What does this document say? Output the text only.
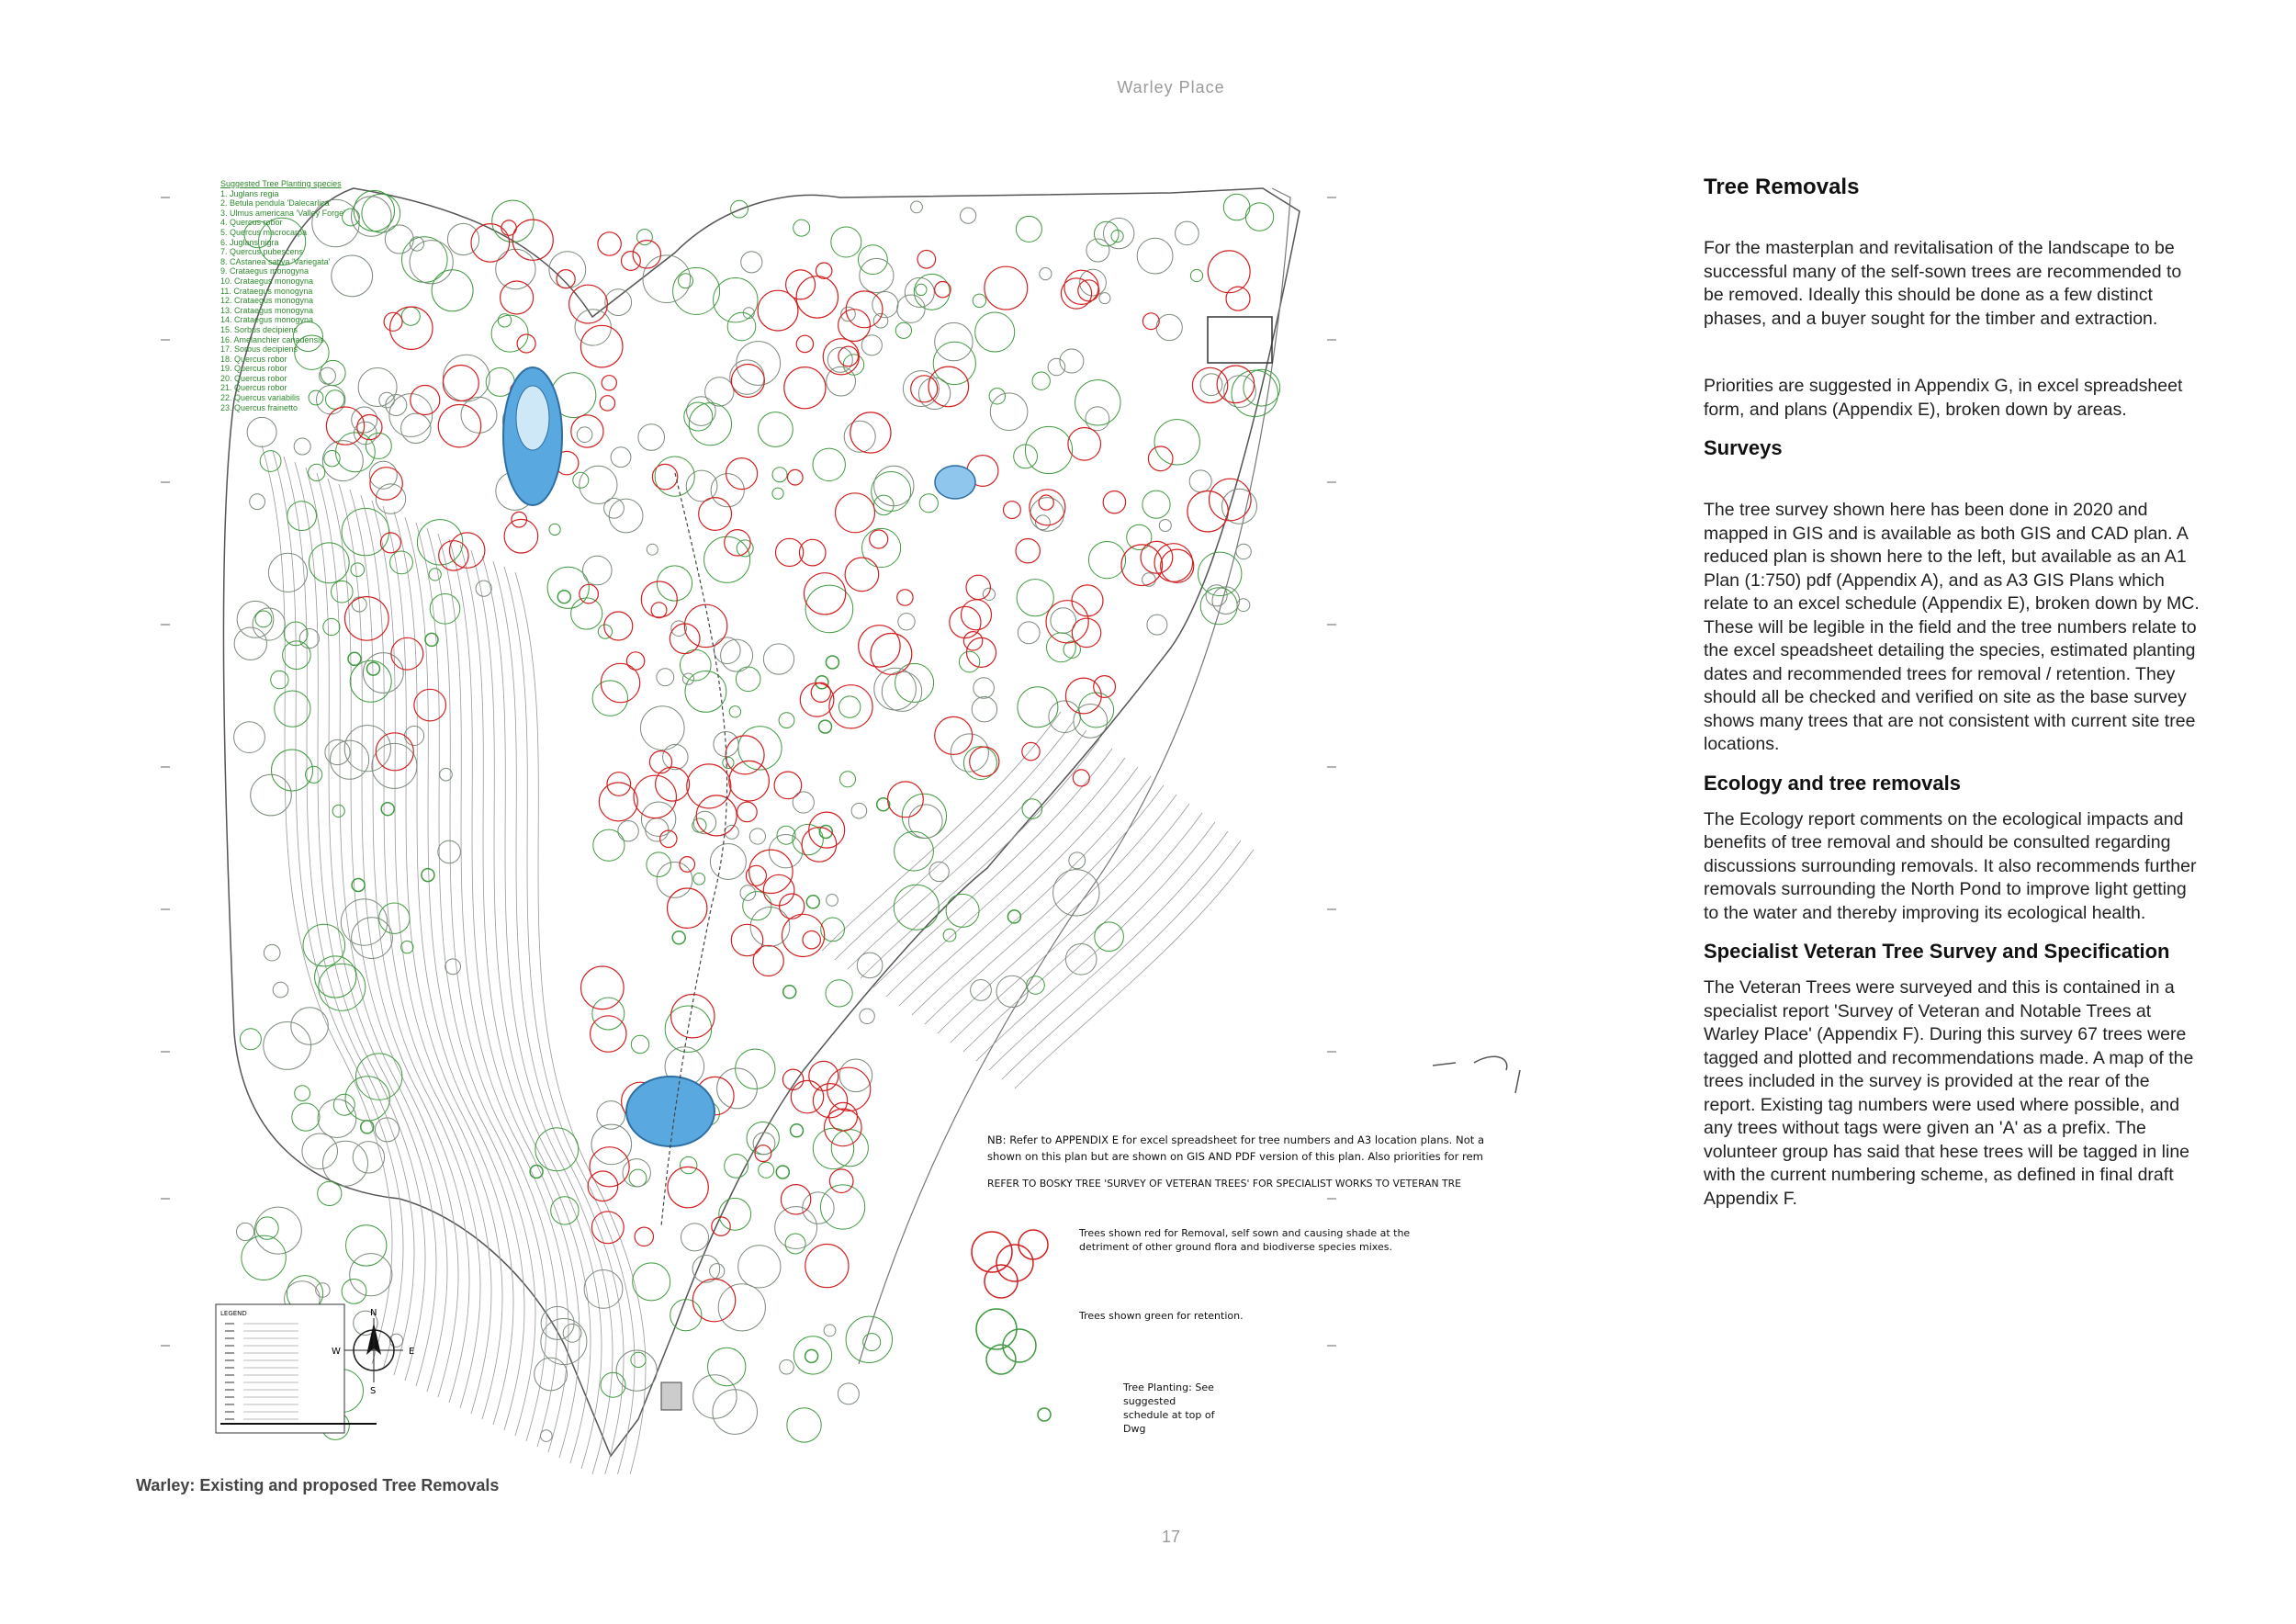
Warley Place
LEGEND	N
S
E
W
Suggested Tree Planting species
1. Juglans regia
2. Betula pendula 'Dalecarlica'
3. Ulmus americana 'Valley Forge'
4. Quercus robor
5. Quercus macrocarpa
6. Juglans nigra
7. Quercus pubescens
8. CAstanea sativa 'Variegata'
9. Crataegus monogyna
10. Crataegus monogyna
11. Crataegus monogyna
12. Crataegus monogyna
13. Crataegus monogyna
14. Crataegus monogyna
15. Sorbus decipiens
16. Amelanchier canadensis
17. Sorbus decipiens
18. Quercus robor
19. Quercus robor
20. Quercus robor
21. Quercus robor
22. Quercus variabilis
23. Quercus frainetto
NB: Refer to APPENDIX E for excel spreadsheet for tree numbers and A3 location plans. Not a
shown on this plan but are shown on GIS AND PDF version of this plan. Also priorities for rem
REFER TO BOSKY TREE 'SURVEY OF VETERAN TREES' FOR SPECIALIST WORKS TO VETERAN TRE
Trees shown red for Removal, self sown and causing shade at the detriment of other ground flora and biodiverse species mixes.
Trees shown green for retention.
Tree Planting: See suggested schedule at top of Dwg
Warley: Existing and proposed Tree Removals
Tree Removals

For the masterplan and revitalisation of the landscape to be successful many of the self-sown trees are recommended to be removed. Ideally this should be done as a few distinct phases, and a buyer sought for the timber and extraction.

Priorities are suggested in Appendix G, in excel spreadsheet form, and plans (Appendix E), broken down by areas.

Surveys

The tree survey shown here has been done in 2020 and mapped in GIS and is available as both GIS and CAD plan. A reduced plan is shown here to the left, but available as an A1 Plan (1:750) pdf (Appendix A), and as A3 GIS Plans which relate to an excel schedule (Appendix E), broken down by MC. These will be legible in the field and the tree numbers relate to the excel speadsheet detailing the species, estimated planting dates and recommended trees for removal / retention. They should all be checked and verified on site as the base survey shows many trees that are not consistent with current site tree locations.

Ecology and tree removals

The Ecology report comments on the ecological impacts and benefits of tree removal and should be consulted regarding discussions surrounding removals. It also recommends further removals surrounding the North Pond to improve light getting to the water and thereby improving its ecological health.

Specialist Veteran Tree Survey and Specification

The Veteran Trees were surveyed and this is contained in a specialist report 'Survey of Veteran and Notable Trees at Warley Place' (Appendix F). During this survey 67 trees were tagged and plotted and recommendations made. A map of the trees included in the survey is provided at the rear of the report. Existing tag numbers were used where possible, and any trees without tags were given an 'A' as a prefix. The volunteer group has said that hese trees will be tagged in line with the current numbering scheme, as defined in final draft Appendix F.

17
